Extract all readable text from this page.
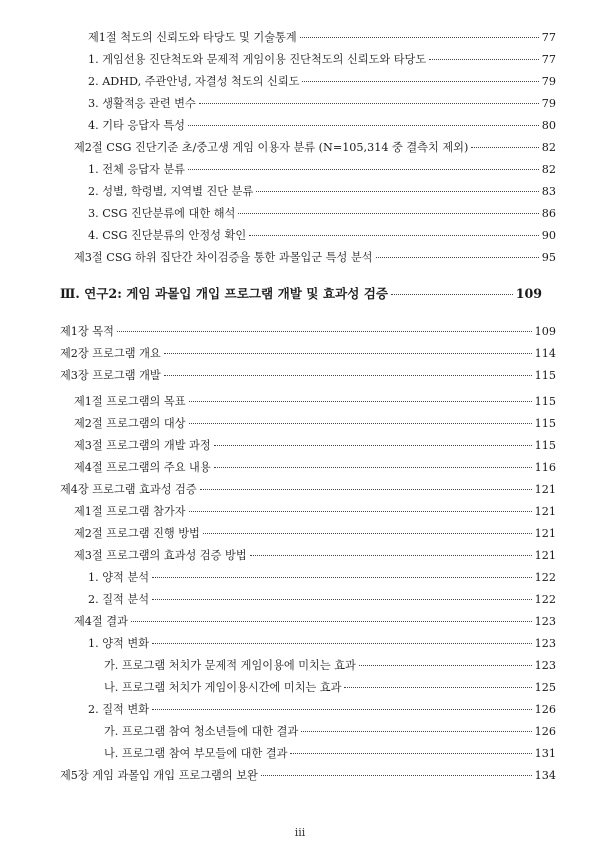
제1절 척도의 신뢰도와 타당도 및 기술통계	77
1. 게임선용 진단척도와 문제적 게임이용 진단척도의 신뢰도와 타당도	77
2. ADHD, 주관안녕, 자결성 척도의 신뢰도	79
3. 생활적응 관련 변수	79
4. 기타 응답자 특성	80
제2절 CSG 진단기준 초/중고생 게임 이용자 분류 (N=105,314 중 결측치 제외)	82
1. 전체 응답자 분류	82
2. 성별, 학령별, 지역별 진단 분류	83
3. CSG 진단분류에 대한 해석	86
4. CSG 진단분류의 안정성 확인	90
제3절 CSG 하위 집단간 차이검증을 통한 과몰입군 특성 분석	95
Ⅲ. 연구2: 게임 과몰입 개입 프로그램 개발 및 효과성 검증	109
제1장 목적	109
제2장 프로그램 개요	114
제3장 프로그램 개발	115
제1절 프로그램의 목표	115
제2절 프로그램의 대상	115
제3절 프로그램의 개발 과정	115
제4절 프로그램의 주요 내용	116
제4장 프로그램 효과성 검증	121
제1절 프로그램 참가자	121
제2절 프로그램 진행 방법	121
제3절 프로그램의 효과성 검증 방법	121
1. 양적 분석	122
2. 질적 분석	122
제4절 결과	123
1. 양적 변화	123
가. 프로그램 처치가 문제적 게임이용에 미치는 효과	123
나. 프로그램 처치가 게임이용시간에 미치는 효과	125
2. 질적 변화	126
가. 프로그램 참여 청소년들에 대한 결과	126
나. 프로그램 참여 부모들에 대한 결과	131
제5장 게임 과몰입 개입 프로그램의 보완	134
iii
